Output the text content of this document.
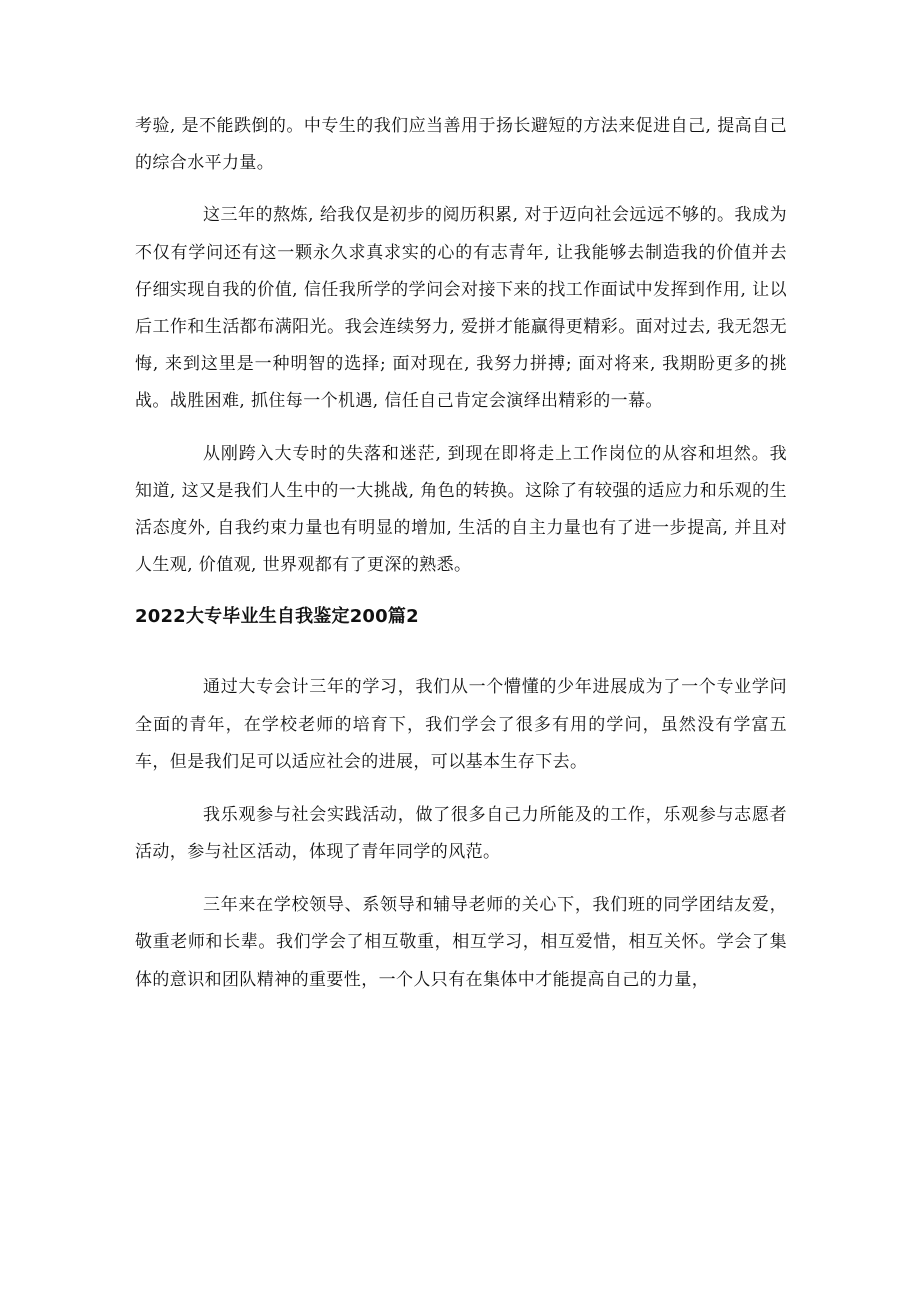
考验, 是不能跌倒的。中专生的我们应当善用于扬长避短的方法来促进自己, 提高自己的综合水平力量。

这三年的熬炼, 给我仅是初步的阅历积累, 对于迈向社会远远不够的。我成为不仅有学问还有这一颗永久求真求实的心的有志青年, 让我能够去制造我的价值并去仔细实现自我的价值, 信任我所学的学问会对接下来的找工作面试中发挥到作用, 让以后工作和生活都布满阳光。我会连续努力, 爱拼才能赢得更精彩。面对过去, 我无怨无悔, 来到这里是一种明智的选择; 面对现在, 我努力拼搏; 面对将来, 我期盼更多的挑战。战胜困难, 抓住每一个机遇, 信任自己肯定会演绎出精彩的一幕。

从刚跨入大专时的失落和迷茫, 到现在即将走上工作岗位的从容和坦然。我知道, 这又是我们人生中的一大挑战, 角色的转换。这除了有较强的适应力和乐观的生活态度外, 自我约束力量也有明显的增加, 生活的自主力量也有了进一步提高, 并且对人生观, 价值观, 世界观都有了更深的熟悉。

2022大专毕业生自我鉴定200篇2

通过大专会计三年的学习，我们从一个懵懂的少年进展成为了一个专业学问全面的青年，在学校老师的培育下，我们学会了很多有用的学问，虽然没有学富五车，但是我们足可以适应社会的进展，可以基本生存下去。

我乐观参与社会实践活动，做了很多自己力所能及的工作，乐观参与志愿者活动，参与社区活动，体现了青年同学的风范。

三年来在学校领导、系领导和辅导老师的关心下，我们班的同学团结友爱，敬重老师和长辈。我们学会了相互敬重，相互学习，相互爱惜，相互关怀。学会了集体的意识和团队精神的重要性，一个人只有在集体中才能提高自己的力量，
